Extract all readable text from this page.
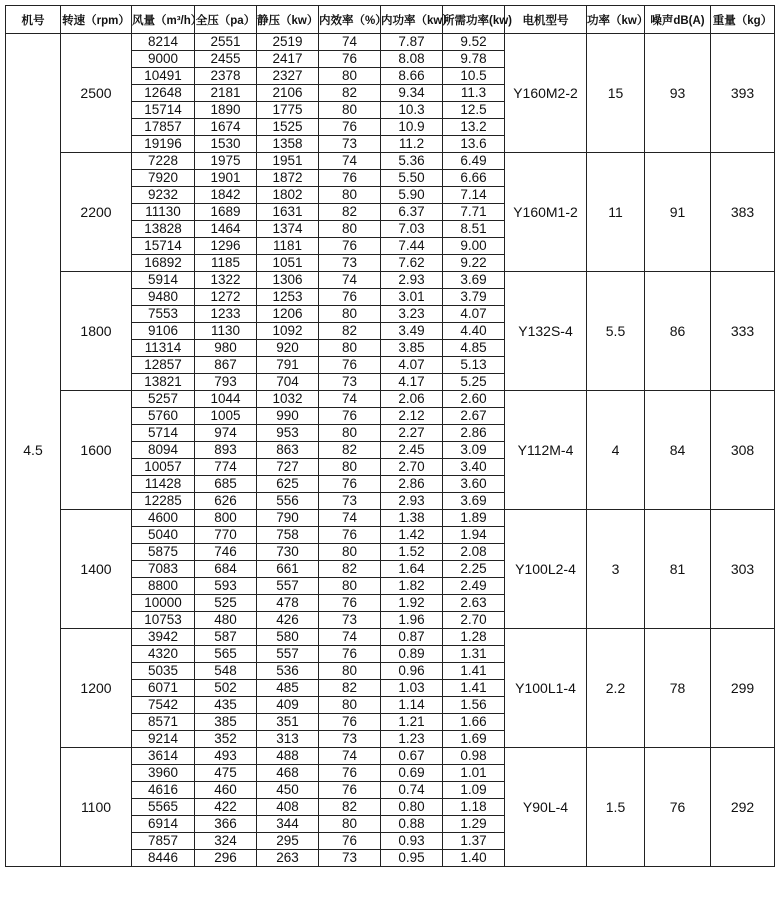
机号	转速（rpm）	风量（m³/h）	全压（pa）	静压（kw）	内效率（%）	内功率（kw）	所需功率(kw)	电机型号	功率（kw）	噪声dB(A)	重量（kg）
4.5	2500	8214	2551	2519	74	7.87	9.52	Y160M2-2	15	93	393
		9000	2455	2417	76	8.08	9.78				
		10491	2378	2327	80	8.66	10.5				
		12648	2181	2106	82	9.34	11.3				
		15714	1890	1775	80	10.3	12.5				
		17857	1674	1525	76	10.9	13.2				
		19196	1530	1358	73	11.2	13.6				
	2200	7228	1975	1951	74	5.36	6.49	Y160M1-2	11	91	383
		7920	1901	1872	76	5.50	6.66				
		9232	1842	1802	80	5.90	7.14				
		11130	1689	1631	82	6.37	7.71				
		13828	1464	1374	80	7.03	8.51				
		15714	1296	1181	76	7.44	9.00				
		16892	1185	1051	73	7.62	9.22				
	1800	5914	1322	1306	74	2.93	3.69	Y132S-4	5.5	86	333
		9480	1272	1253	76	3.01	3.79				
		7553	1233	1206	80	3.23	4.07				
		9106	1130	1092	82	3.49	4.40				
		11314	980	920	80	3.85	4.85				
		12857	867	791	76	4.07	5.13				
		13821	793	704	73	4.17	5.25				
	1600	5257	1044	1032	74	2.06	2.60	Y112M-4	4	84	308
		5760	1005	990	76	2.12	2.67				
		5714	974	953	80	2.27	2.86				
		8094	893	863	82	2.45	3.09				
		10057	774	727	80	2.70	3.40				
		11428	685	625	76	2.86	3.60				
		12285	626	556	73	2.93	3.69				
	1400	4600	800	790	74	1.38	1.89	Y100L2-4	3	81	303
		5040	770	758	76	1.42	1.94				
		5875	746	730	80	1.52	2.08				
		7083	684	661	82	1.64	2.25				
		8800	593	557	80	1.82	2.49				
		10000	525	478	76	1.92	2.63				
		10753	480	426	73	1.96	2.70				
	1200	3942	587	580	74	0.87	1.28	Y100L1-4	2.2	78	299
		4320	565	557	76	0.89	1.31				
		5035	548	536	80	0.96	1.41				
		6071	502	485	82	1.03	1.41				
		7542	435	409	80	1.14	1.56				
		8571	385	351	76	1.21	1.66				
		9214	352	313	73	1.23	1.69				
	1100	3614	493	488	74	0.67	0.98	Y90L-4	1.5	76	292
		3960	475	468	76	0.69	1.01				
		4616	460	450	76	0.74	1.09				
		5565	422	408	82	0.80	1.18				
		6914	366	344	80	0.88	1.29				
		7857	324	295	76	0.93	1.37				
		8446	296	263	73	0.95	1.40				
